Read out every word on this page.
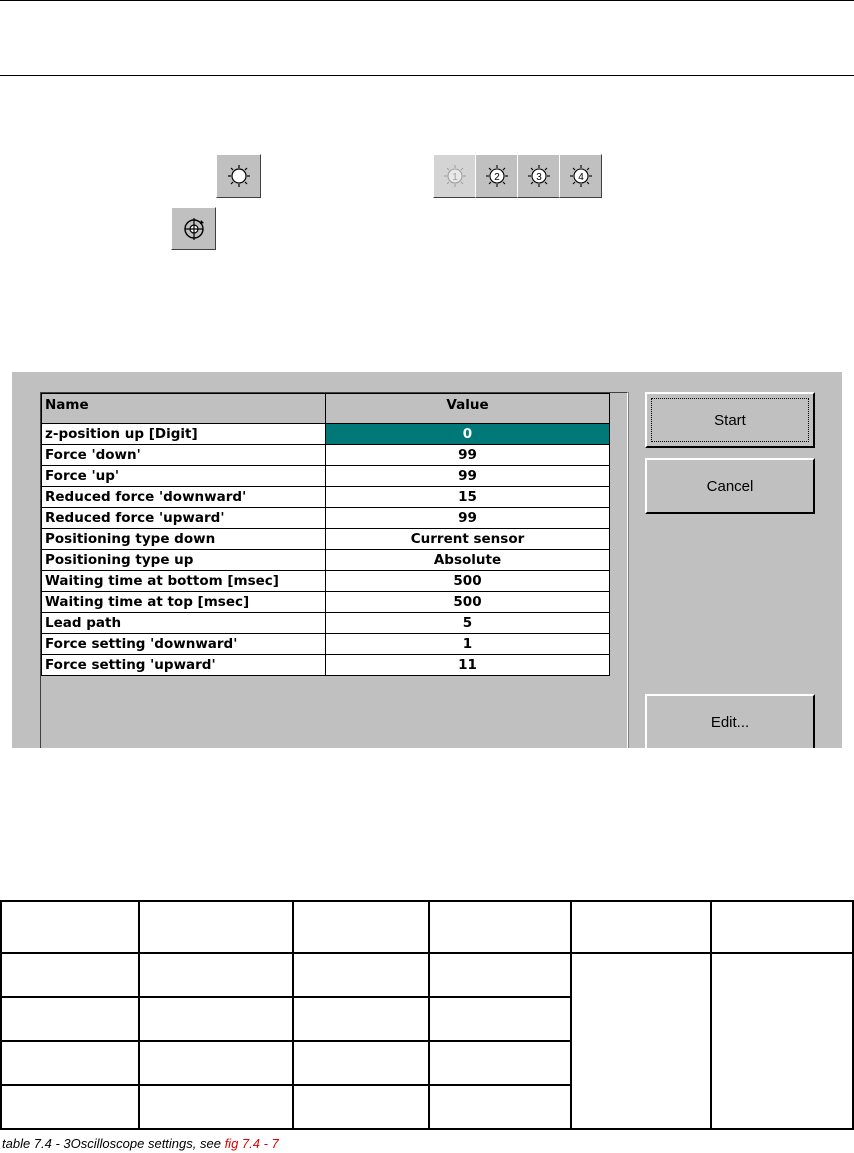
1	2	3	4
Name	Value
z-position up [Digit]	0
Force 'down'	99
Force 'up'	99
Reduced force 'downward'	15
Reduced force 'upward'	99
Positioning type down	Current sensor
Positioning type up	Absolute
Waiting time at bottom [msec]	500
Waiting time at top [msec]	500
Lead path	5
Force setting 'downward'	1
Force setting 'upward'	11
Start
Cancel
Edit...

table 7.4 - 3Oscilloscope settings, see fig 7.4 - 7
